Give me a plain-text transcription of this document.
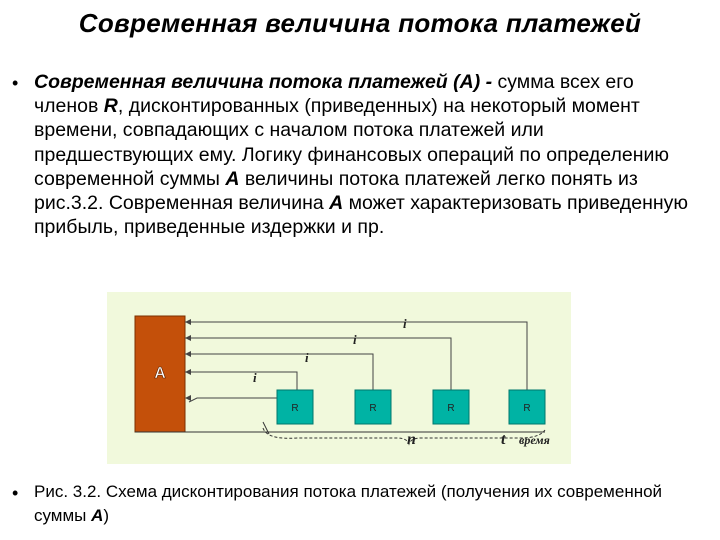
Современная величина потока платежей
• Современная величина потока платежей (А) - сумма всех его членов R, дисконтированных (приведенных) на некоторый момент времени, совпадающих с началом потока платежей или предшествующих ему. Логику финансовых операций по определению современной суммы А величины потока платежей легко понять из рис.3.2. Современная величина А может характеризовать приведенную прибыль, приведенные издержки и пр.
A
R	R	R	R
i
i
i
i
n	t время
• Рис. 3.2. Схема дисконтирования потока платежей (получения их современной суммы А)
